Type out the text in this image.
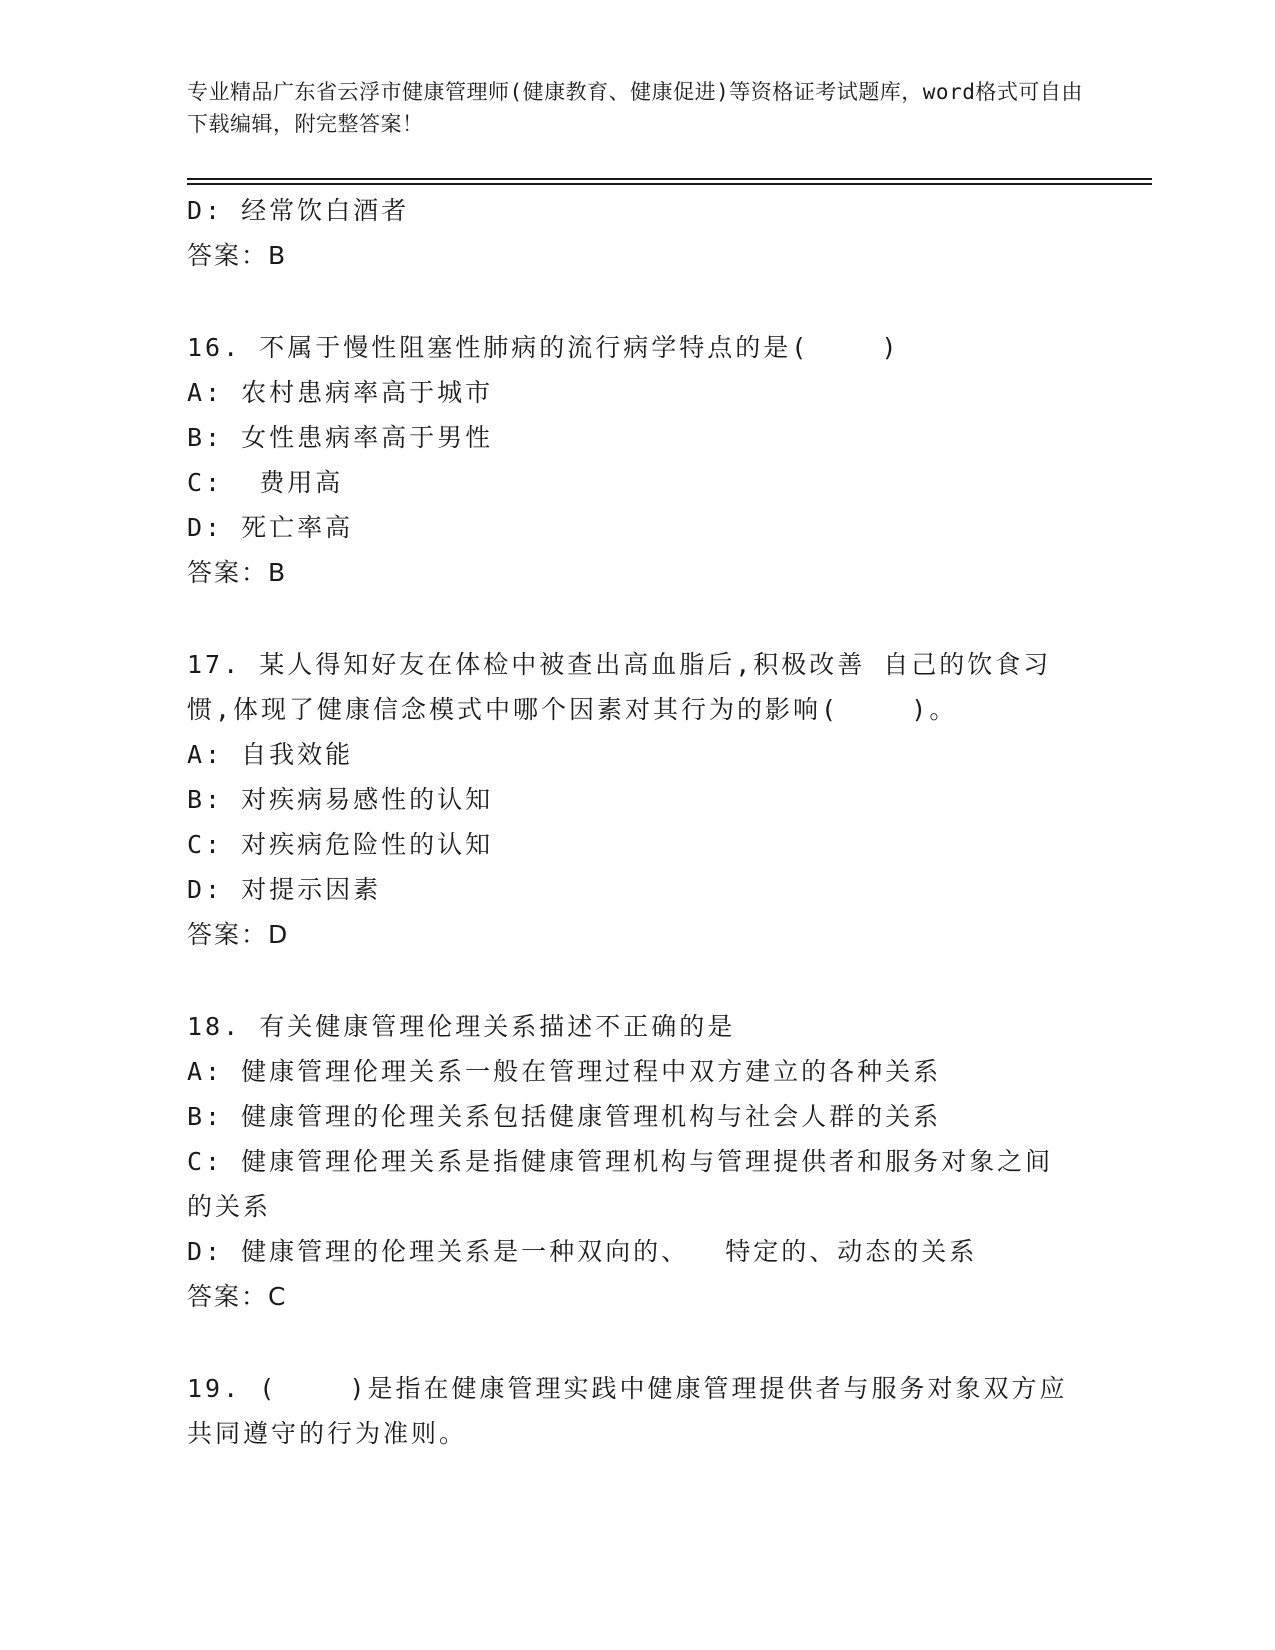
专业精品广东省云浮市健康管理师(健康教育、健康促进)等资格证考试题库，word格式可自由下载编辑，附完整答案！
D: 经常饮白酒者
答案：B
16. 不属于慢性阻塞性肺病的流行病学特点的是(    )
A: 农村患病率高于城市
B: 女性患病率高于男性
C:  费用高
D: 死亡率高
答案：B
17. 某人得知好友在体检中被查出高血脂后,积极改善 自己的饮食习
惯,体现了健康信念模式中哪个因素对其行为的影响(    )。
A: 自我效能
B: 对疾病易感性的认知
C: 对疾病危险性的认知
D: 对提示因素
答案：D
18. 有关健康管理伦理关系描述不正确的是
A: 健康管理伦理关系一般在管理过程中双方建立的各种关系
B: 健康管理的伦理关系包括健康管理机构与社会人群的关系
C: 健康管理伦理关系是指健康管理机构与管理提供者和服务对象之间
的关系
D: 健康管理的伦理关系是一种双向的、  特定的、动态的关系
答案：C
19. (    )是指在健康管理实践中健康管理提供者与服务对象双方应
共同遵守的行为准则。
